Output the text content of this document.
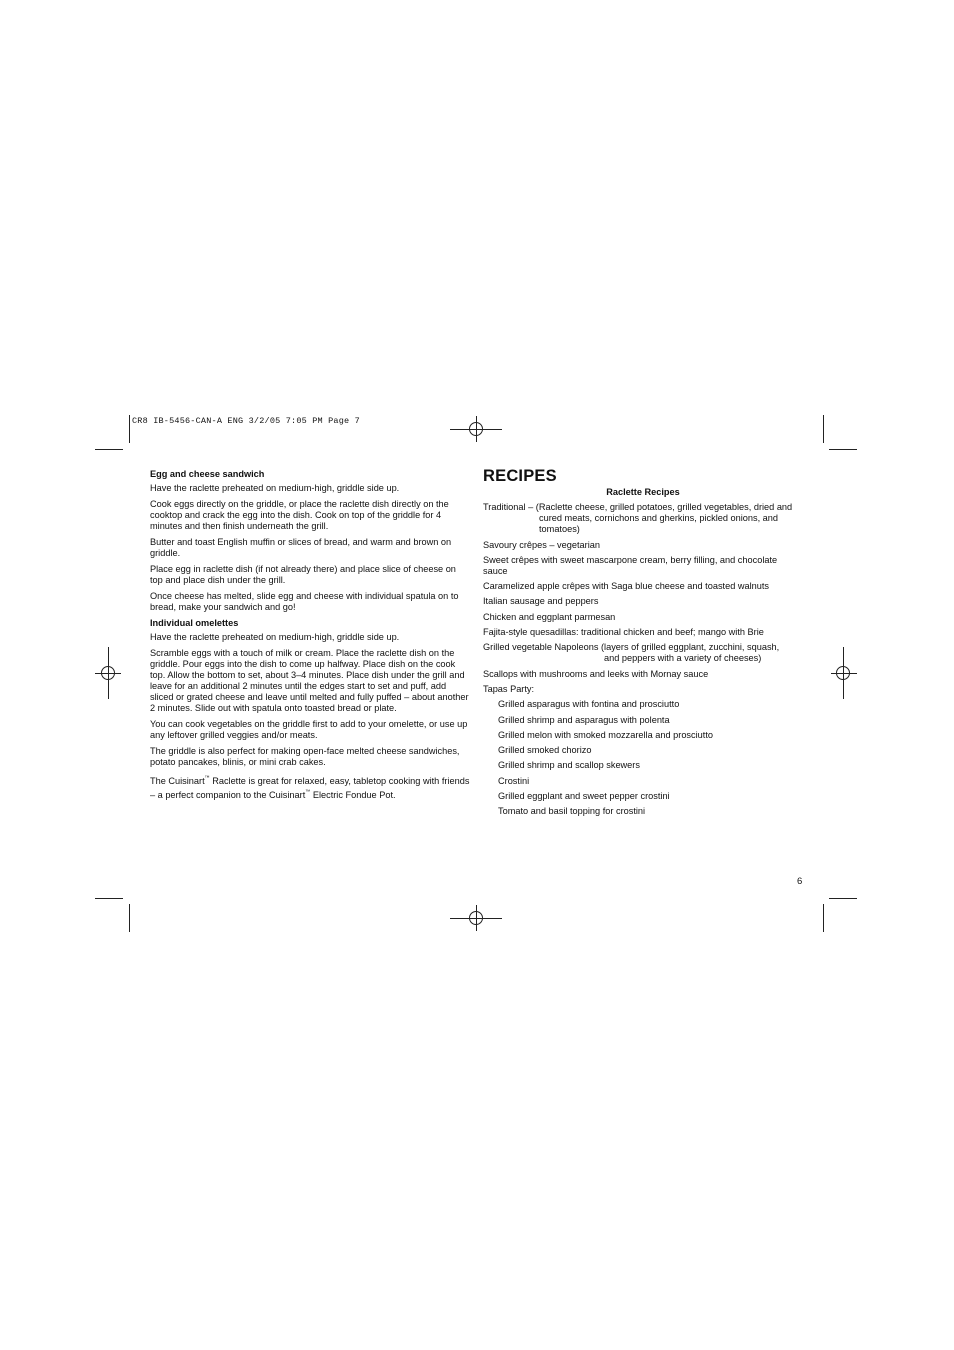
CR8 IB-5456-CAN-A ENG 3/2/05 7:05 PM Page 7

Egg and cheese sandwich

Have the raclette preheated on medium-high, griddle side up.

Cook eggs directly on the griddle, or place the raclette dish directly on the cooktop and crack the egg into the dish. Cook on top of the griddle for 4 minutes and then finish underneath the grill.

Butter and toast English muffin or slices of bread, and warm and brown on griddle.

Place egg in raclette dish (if not already there) and place slice of cheese on top and place dish under the grill.

Once cheese has melted, slide egg and cheese with individual spatula on to bread, make your sandwich and go!

Individual omelettes

Have the raclette preheated on medium-high, griddle side up.

Scramble eggs with a touch of milk or cream. Place the raclette dish on the griddle. Pour eggs into the dish to come up halfway. Place dish on the cook top. Allow the bottom to set, about 3–4 minutes. Place dish under the grill and leave for an additional 2 minutes until the edges start to set and puff, add sliced or grated cheese and leave until melted and fully puffed – about another 2 minutes. Slide out with spatula onto toasted bread or plate.

You can cook vegetables on the griddle first to add to your omelette, or use up any leftover grilled veggies and/or meats.

The griddle is also perfect for making open-face melted cheese sandwiches, potato pancakes, blinis, or mini crab cakes.

The Cuisinart™ Raclette is great for relaxed, easy, tabletop cooking with friends – a perfect companion to the Cuisinart™ Electric Fondue Pot.

RECIPES

Raclette Recipes

Traditional – (Raclette cheese, grilled potatoes, grilled vegetables, dried and cured meats, cornichons and gherkins, pickled onions, and tomatoes)

Savoury crêpes – vegetarian

Sweet crêpes with sweet mascarpone cream, berry filling, and chocolate sauce

Caramelized apple crêpes with Saga blue cheese and toasted walnuts

Italian sausage and peppers

Chicken and eggplant parmesan

Fajita-style quesadillas: traditional chicken and beef; mango with Brie

Grilled vegetable Napoleons (layers of grilled eggplant, zucchini, squash, and peppers with a variety of cheeses)

Scallops with mushrooms and leeks with Mornay sauce

Tapas Party:

Grilled asparagus with fontina and prosciutto

Grilled shrimp and asparagus with polenta

Grilled melon with smoked mozzarella and prosciutto

Grilled smoked chorizo

Grilled shrimp and scallop skewers

Crostini

Grilled eggplant and sweet pepper crostini

Tomato and basil topping for crostini

6
